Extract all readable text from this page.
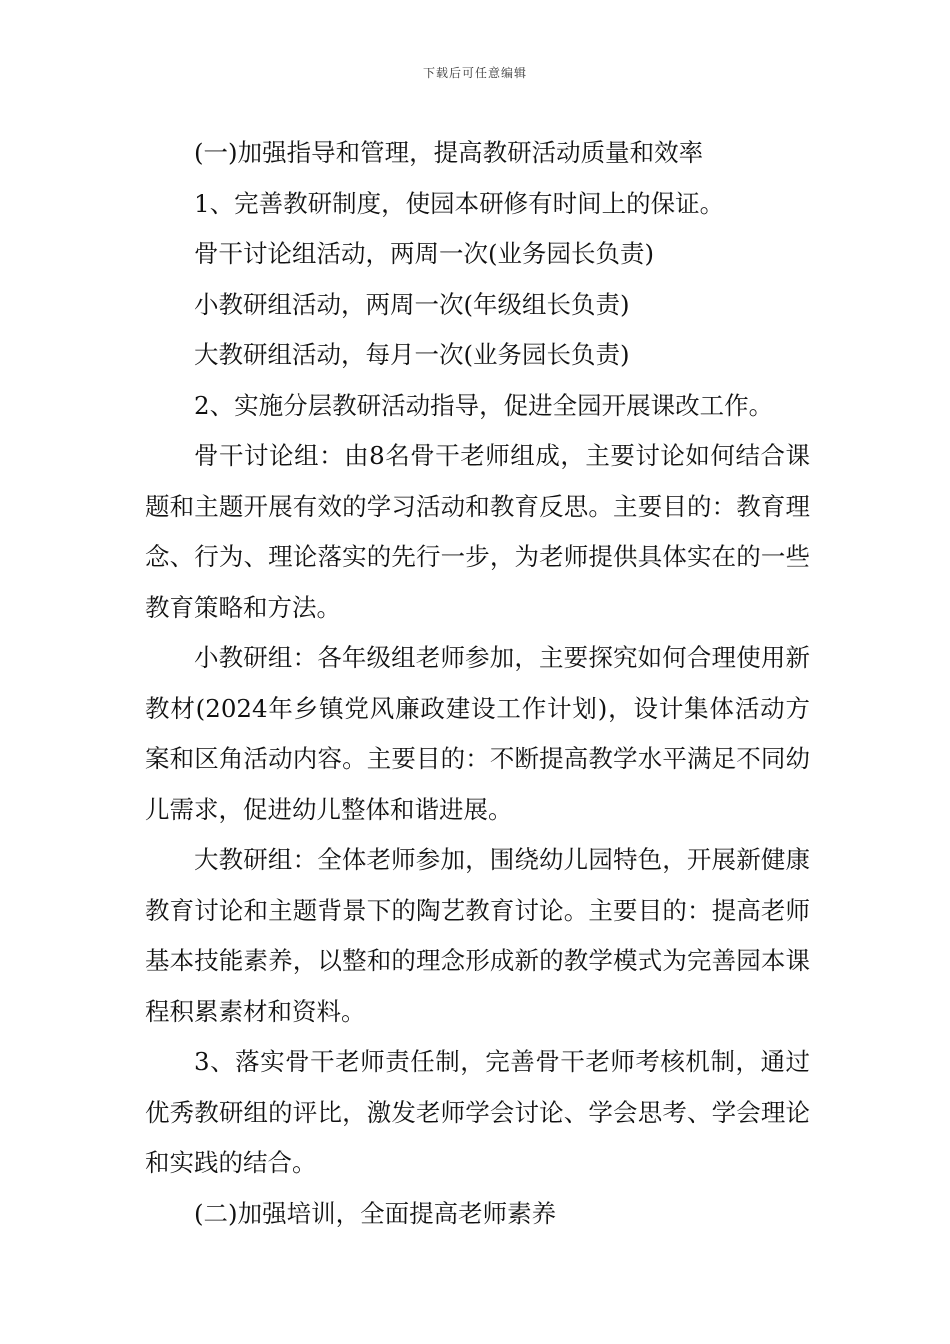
下载后可任意编辑

(一)加强指导和管理，提高教研活动质量和效率

1、完善教研制度，使园本研修有时间上的保证。

骨干讨论组活动，两周一次(业务园长负责)

小教研组活动，两周一次(年级组长负责)

大教研组活动，每月一次(业务园长负责)

2、实施分层教研活动指导，促进全园开展课改工作。

骨干讨论组：由8名骨干老师组成，主要讨论如何结合课题和主题开展有效的学习活动和教育反思。主要目的：教育理念、行为、理论落实的先行一步，为老师提供具体实在的一些教育策略和方法。

小教研组：各年级组老师参加，主要探究如何合理使用新教材(2024年乡镇党风廉政建设工作计划)，设计集体活动方案和区角活动内容。主要目的：不断提高教学水平满足不同幼儿需求，促进幼儿整体和谐进展。

大教研组：全体老师参加，围绕幼儿园特色，开展新健康教育讨论和主题背景下的陶艺教育讨论。主要目的：提高老师基本技能素养，以整和的理念形成新的教学模式为完善园本课程积累素材和资料。

3、落实骨干老师责任制，完善骨干老师考核机制，通过优秀教研组的评比，激发老师学会讨论、学会思考、学会理论和实践的结合。

(二)加强培训，全面提高老师素养
